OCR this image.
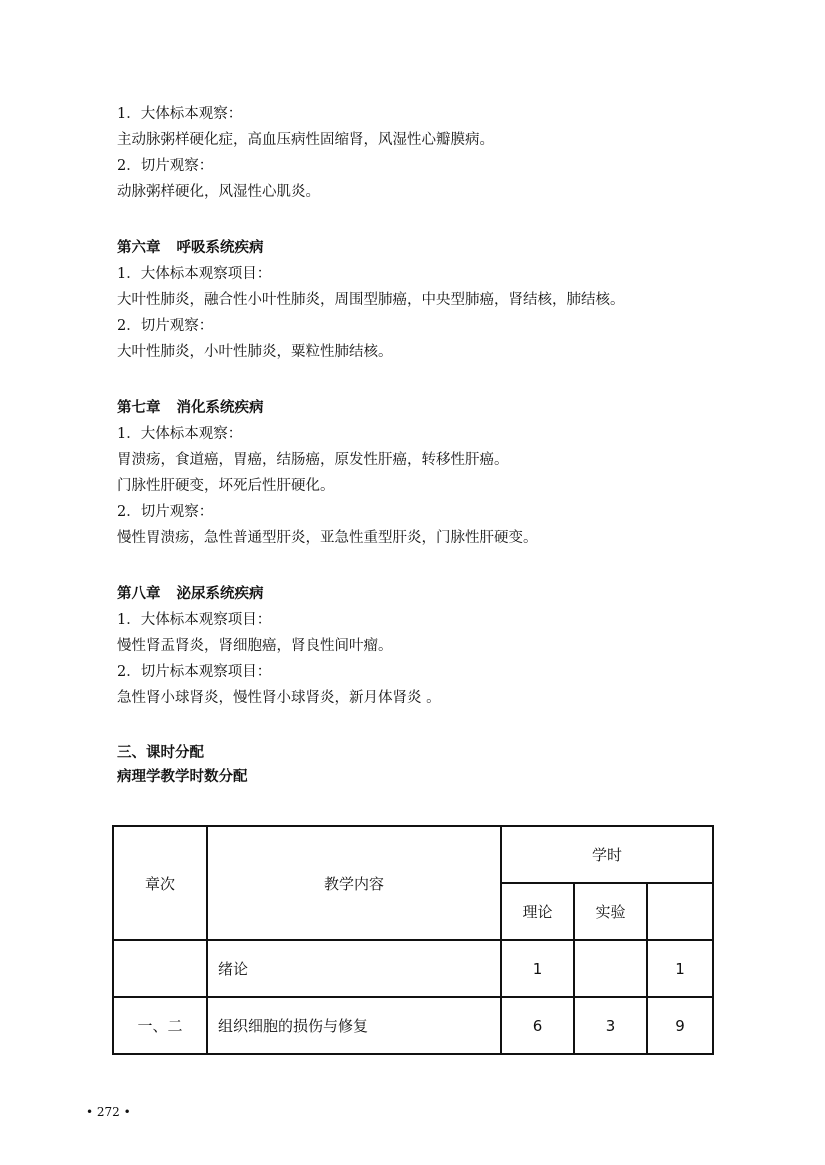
1．大体标本观察：
主动脉粥样硬化症，高血压病性固缩肾，风湿性心瓣膜病。
2．切片观察：
动脉粥样硬化，风湿性心肌炎。
第六章 呼吸系统疾病
1．大体标本观察项目：
大叶性肺炎，融合性小叶性肺炎，周围型肺癌，中央型肺癌，肾结核，肺结核。
2．切片观察：
大叶性肺炎，小叶性肺炎，粟粒性肺结核。
第七章 消化系统疾病
1．大体标本观察：
胃溃疡，食道癌，胃癌，结肠癌，原发性肝癌，转移性肝癌。
门脉性肝硬变，坏死后性肝硬化。
2．切片观察：
慢性胃溃疡，急性普通型肝炎，亚急性重型肝炎，门脉性肝硬变。
第八章 泌尿系统疾病
1．大体标本观察项目：
慢性肾盂肾炎，肾细胞癌，肾良性间叶瘤。
2．切片标本观察项目：
急性肾小球肾炎，慢性肾小球肾炎，新月体肾炎 。
三、课时分配
病理学教学时数分配
章次	教学内容	学时		
		理论	实验	
	绪论	1		1
一、二	组织细胞的损伤与修复	6	3	9
• 272 •
